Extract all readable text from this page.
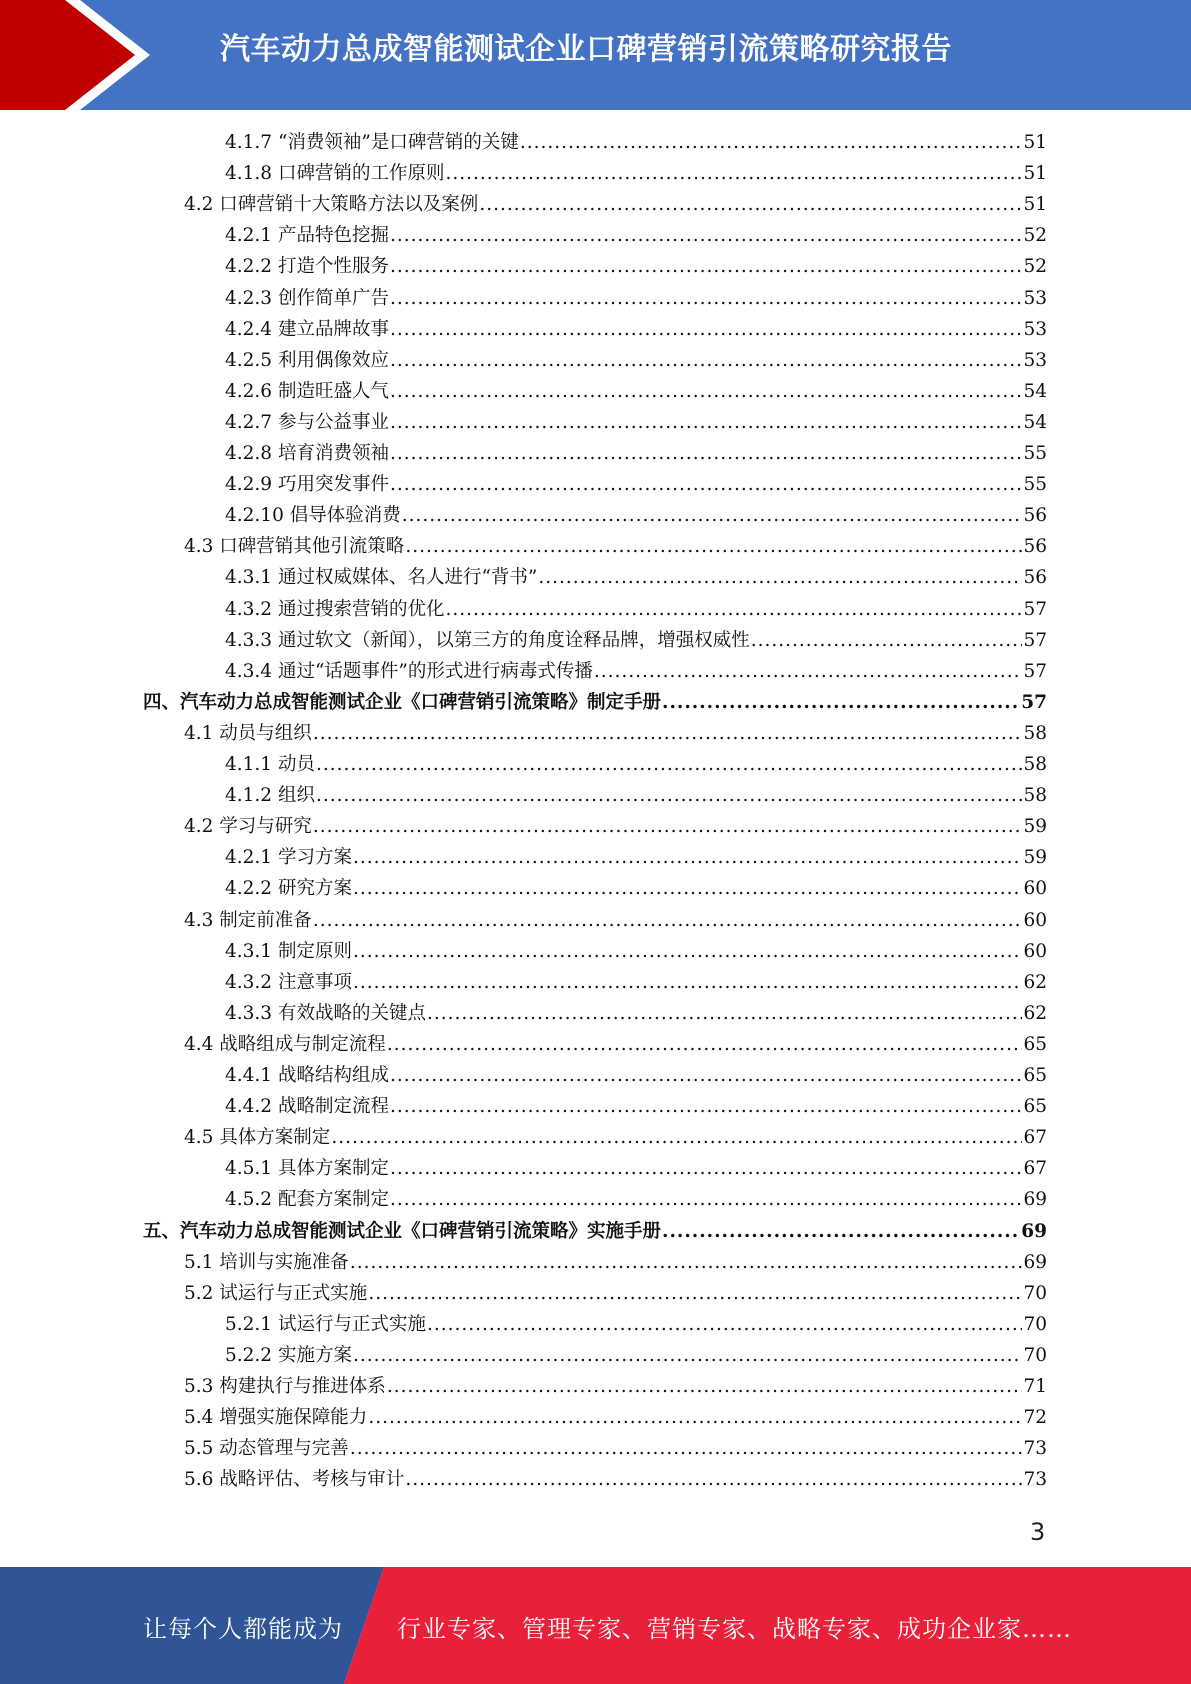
汽车动力总成智能测试企业口碑营销引流策略研究报告
4.1.7 “消费领袖”是口碑营销的关键 .....	51
4.1.8 口碑营销的工作原则 .....	51
4.2 口碑营销十大策略方法以及案例 .....	51
4.2.1 产品特色挖掘 .....	52
4.2.2 打造个性服务 .....	52
4.2.3 创作简单广告 .....	53
4.2.4 建立品牌故事 .....	53
4.2.5 利用偶像效应 .....	53
4.2.6 制造旺盛人气 .....	54
4.2.7 参与公益事业 .....	54
4.2.8 培育消费领袖 .....	55
4.2.9 巧用突发事件 .....	55
4.2.10 倡导体验消费 .....	56
4.3 口碑营销其他引流策略 .....	56
4.3.1 通过权威媒体、名人进行“背书” .....	56
4.3.2 通过搜索营销的优化 .....	57
4.3.3 通过软文（新闻），以第三方的角度诠释品牌，增强权威性 .....	57
4.3.4 通过“话题事件”的形式进行病毒式传播 .....	57
四、汽车动力总成智能测试企业《口碑营销引流策略》制定手册 .....	57
4.1 动员与组织 .....	58
4.1.1 动员 .....	58
4.1.2 组织 .....	58
4.2 学习与研究 .....	59
4.2.1 学习方案 .....	59
4.2.2 研究方案 .....	60
4.3 制定前准备 .....	60
4.3.1 制定原则 .....	60
4.3.2 注意事项 .....	62
4.3.3 有效战略的关键点 .....	62
4.4 战略组成与制定流程 .....	65
4.4.1 战略结构组成 .....	65
4.4.2 战略制定流程 .....	65
4.5 具体方案制定 .....	67
4.5.1 具体方案制定 .....	67
4.5.2 配套方案制定 .....	69
五、汽车动力总成智能测试企业《口碑营销引流策略》实施手册 .....	69
5.1 培训与实施准备 .....	69
5.2 试运行与正式实施 .....	70
5.2.1 试运行与正式实施 .....	70
5.2.2 实施方案 .....	70
5.3 构建执行与推进体系 .....	71
5.4 增强实施保障能力 .....	72
5.5 动态管理与完善 .....	73
5.6 战略评估、考核与审计 .....	73
3
让每个人都能成为 行业专家、管理专家、营销专家、战略专家、成功企业家……
